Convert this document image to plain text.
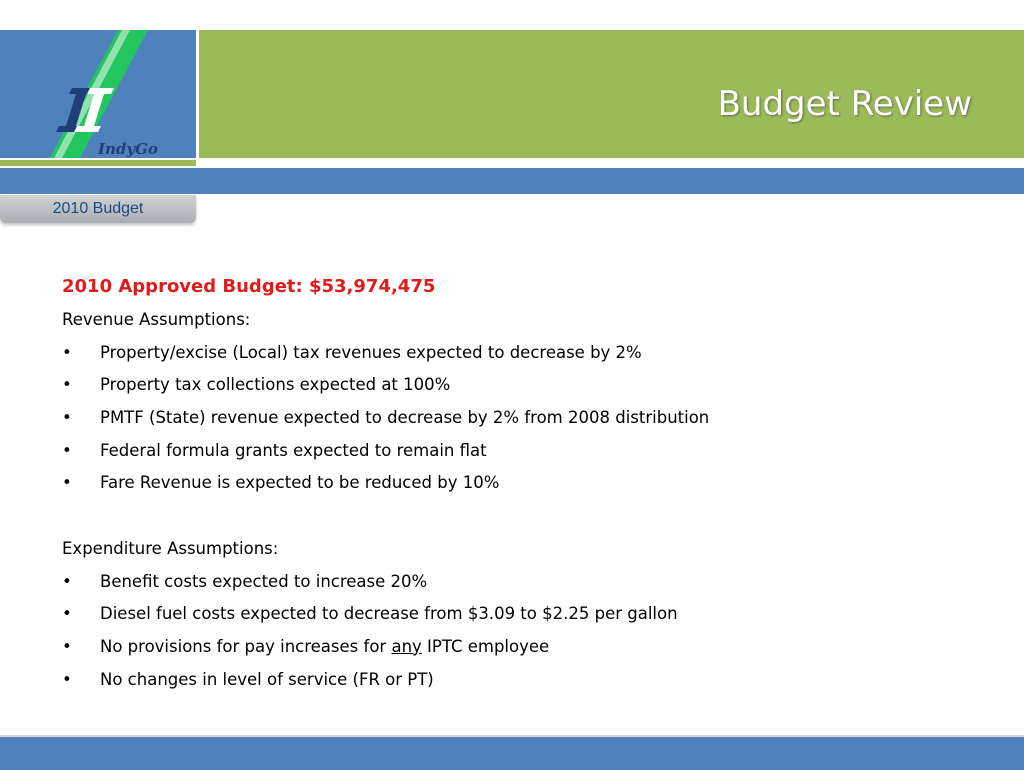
IndyGo
2010 Budget
Budget Review
2010 Approved Budget: $53,974,475
Revenue Assumptions:
• Property/excise (Local) tax revenues expected to decrease by 2%
• Property tax collections expected at 100%
• PMTF (State) revenue expected to decrease by 2% from 2008 distribution
• Federal formula grants expected to remain flat
• Fare Revenue is expected to be reduced by 10%
Expenditure Assumptions:
• Benefit costs expected to increase 20%
• Diesel fuel costs expected to decrease from $3.09 to $2.25 per gallon
• No provisions for pay increases for any IPTC employee
• No changes in level of service (FR or PT)
